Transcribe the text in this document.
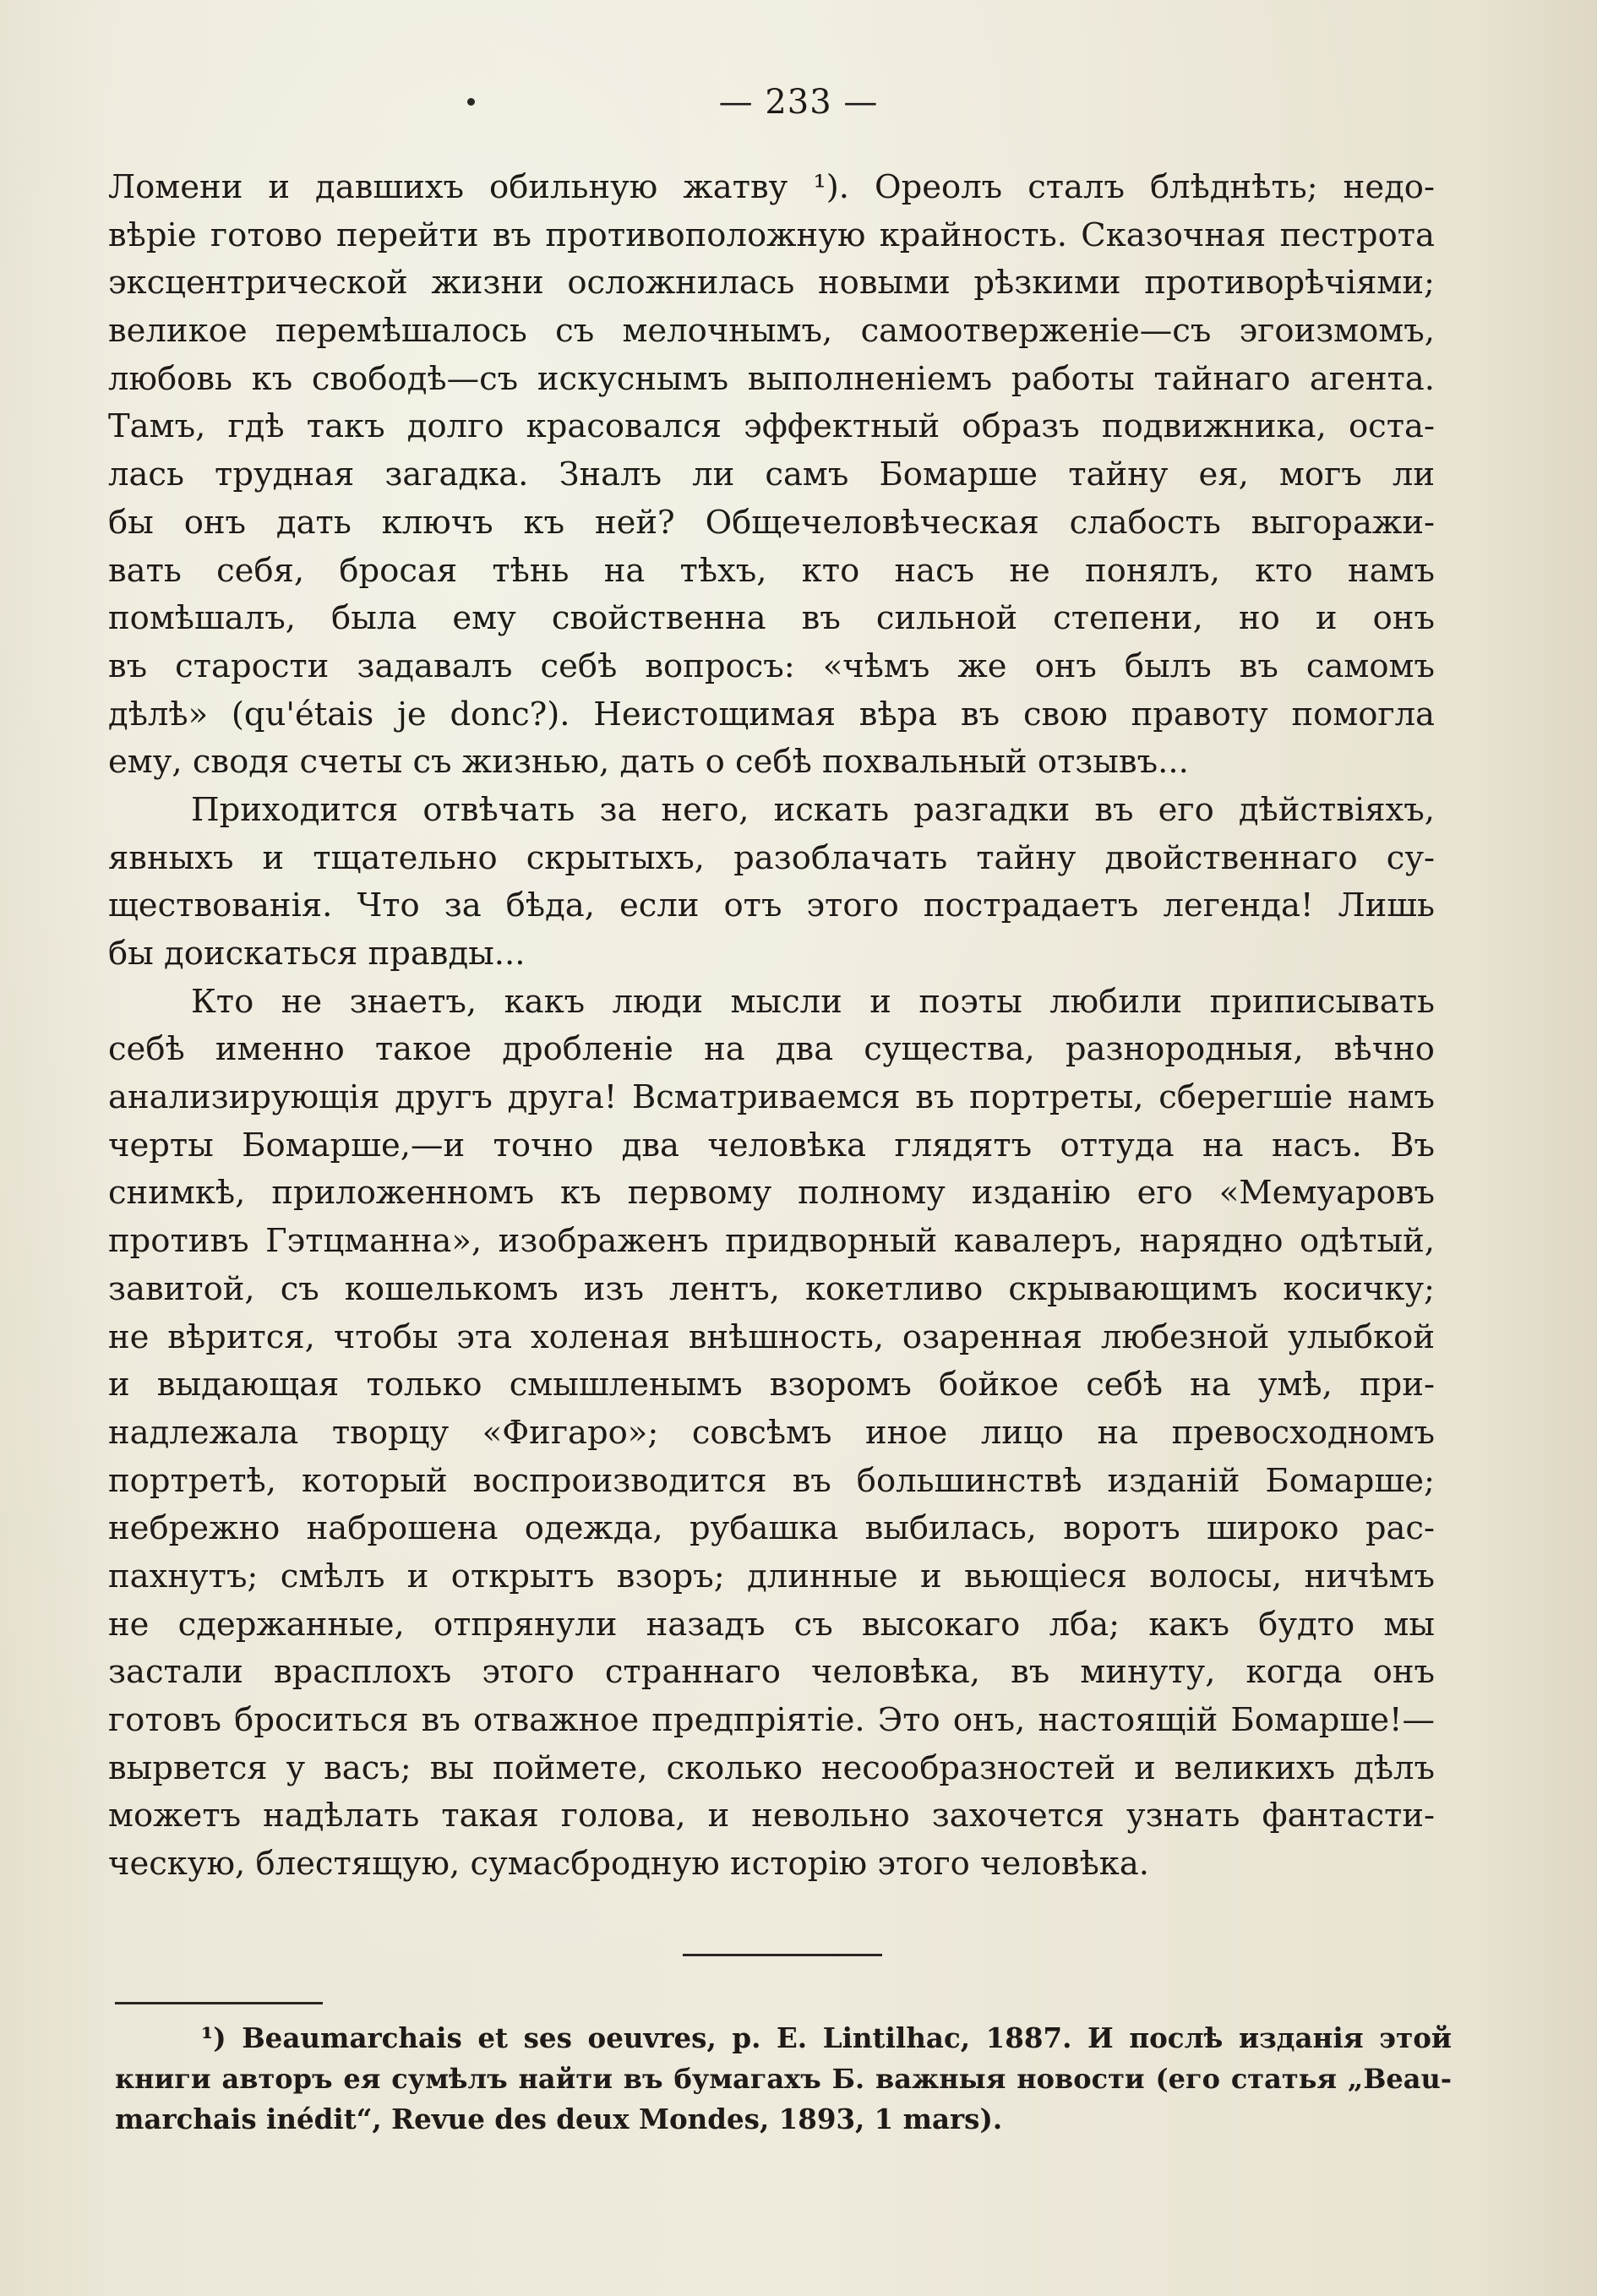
— 233 —
Ломени и давшихъ обильную жатву ¹). Ореолъ сталъ блѣднѣть; недо-
вѣріе готово перейти въ противоположную крайность. Сказочная пестрота
эксцентрической жизни осложнилась новыми рѣзкими противорѣчіями;
великое перемѣшалось съ мелочнымъ, самоотверженіе—съ эгоизмомъ,
любовь къ свободѣ—съ искуснымъ выполненіемъ работы тайнаго агента.
Тамъ, гдѣ такъ долго красовался эффектный образъ подвижника, оста-
лась трудная загадка. Зналъ ли самъ Бомарше тайну ея, могъ ли
бы онъ дать ключъ къ ней? Общечеловѣческая слабость выгоражи-
вать себя, бросая тѣнь на тѣхъ, кто насъ не понялъ, кто намъ
помѣшалъ, была ему свойственна въ сильной степени, но и онъ
въ старости задавалъ себѣ вопросъ: «чѣмъ же онъ былъ въ самомъ
дѣлѣ» (qu'étais je donc?). Неистощимая вѣра въ свою правоту помогла
ему, сводя счеты съ жизнью, дать о себѣ похвальный отзывъ...
Приходится отвѣчать за него, искать разгадки въ его дѣйствіяхъ,
явныхъ и тщательно скрытыхъ, разоблачать тайну двойственнаго су-
ществованія. Что за бѣда, если отъ этого пострадаетъ легенда! Лишь
бы доискаться правды...
Кто не знаетъ, какъ люди мысли и поэты любили приписывать
себѣ именно такое дробленіе на два существа, разнородныя, вѣчно
анализирующія другъ друга! Всматриваемся въ портреты, сберегшіе намъ
черты Бомарше,—и точно два человѣка глядятъ оттуда на насъ. Въ
снимкѣ, приложенномъ къ первому полному изданію его «Мемуаровъ
противъ Гэтцманна», изображенъ придворный кавалеръ, нарядно одѣтый,
завитой, съ кошелькомъ изъ лентъ, кокетливо скрывающимъ косичку;
не вѣрится, чтобы эта холеная внѣшность, озаренная любезной улыбкой
и выдающая только смышленымъ взоромъ бойкое себѣ на умѣ, при-
надлежала творцу «Фигаро»; совсѣмъ иное лицо на превосходномъ
портретѣ, который воспроизводится въ большинствѣ изданій Бомарше;
небрежно наброшена одежда, рубашка выбилась, воротъ широко рас-
пахнутъ; смѣлъ и открытъ взоръ; длинные и вьющіеся волосы, ничѣмъ
не сдержанные, отпрянули назадъ съ высокаго лба; какъ будто мы
застали врасплохъ этого страннаго человѣка, въ минуту, когда онъ
готовъ броситься въ отважное предпріятіе. Это онъ, настоящій Бомарше!—
вырвется у васъ; вы поймете, сколько несообразностей и великихъ дѣлъ
можетъ надѣлать такая голова, и невольно захочется узнать фантасти-
ческую, блестящую, сумасбродную исторію этого человѣка.
¹) Beaumarchais et ses oeuvres, p. E. Lintilhac, 1887. И послѣ изданія этой
книги авторъ ея сумѣлъ найти въ бумагахъ Б. важныя новости (его статья „Beau-
marchais inédit“, Revue des deux Mondes, 1893, 1 mars).
